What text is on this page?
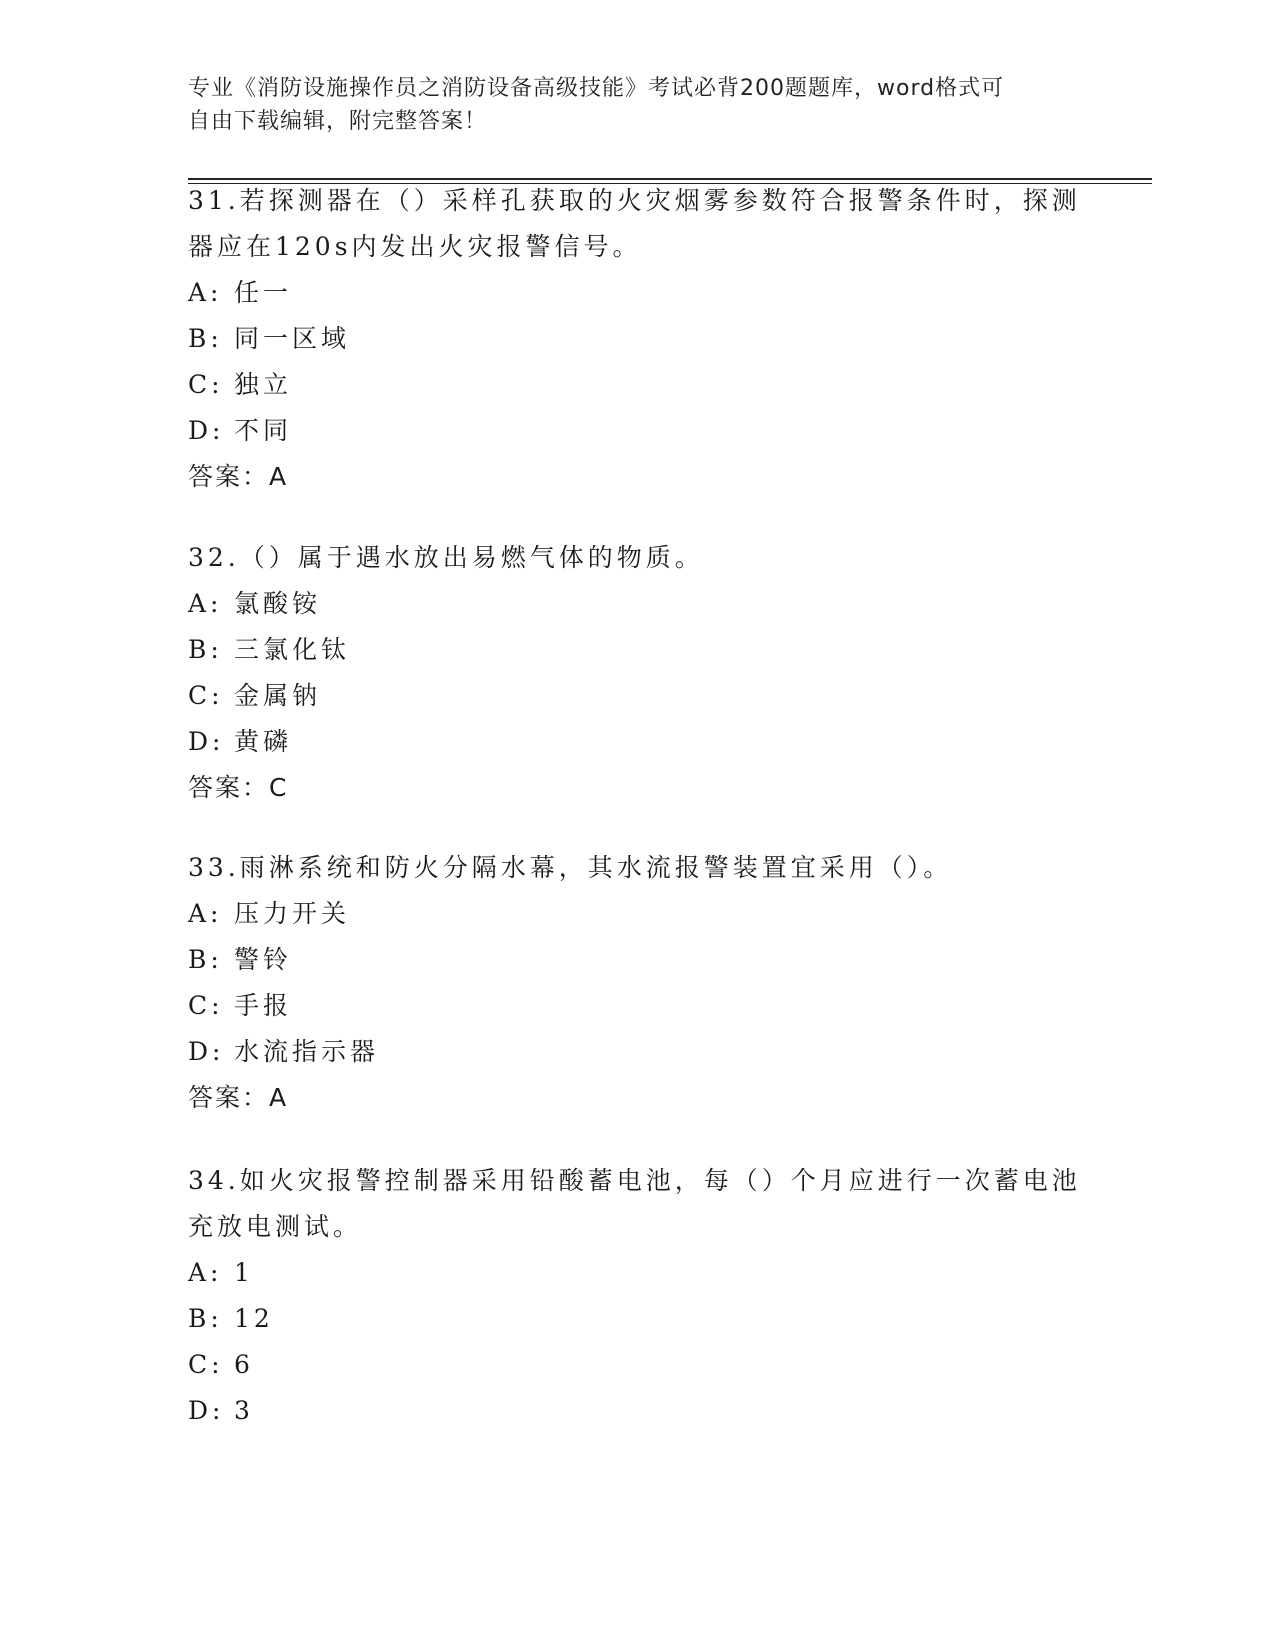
专业《消防设施操作员之消防设备高级技能》考试必背200题题库，word格式可
自由下载编辑，附完整答案！
31.若探测器在（）采样孔获取的火灾烟雾参数符合报警条件时，探测
器应在120s内发出火灾报警信号。
A: 任一
B: 同一区域
C: 独立
D: 不同
答案：A
32.（）属于遇水放出易燃气体的物质。
A: 氯酸铵
B: 三氯化钛
C: 金属钠
D: 黄磷
答案：C
33.雨淋系统和防火分隔水幕，其水流报警装置宜采用（）。
A: 压力开关
B: 警铃
C: 手报
D: 水流指示器
答案：A
34.如火灾报警控制器采用铅酸蓄电池，每（）个月应进行一次蓄电池
充放电测试。
A: 1
B: 12
C: 6
D: 3
